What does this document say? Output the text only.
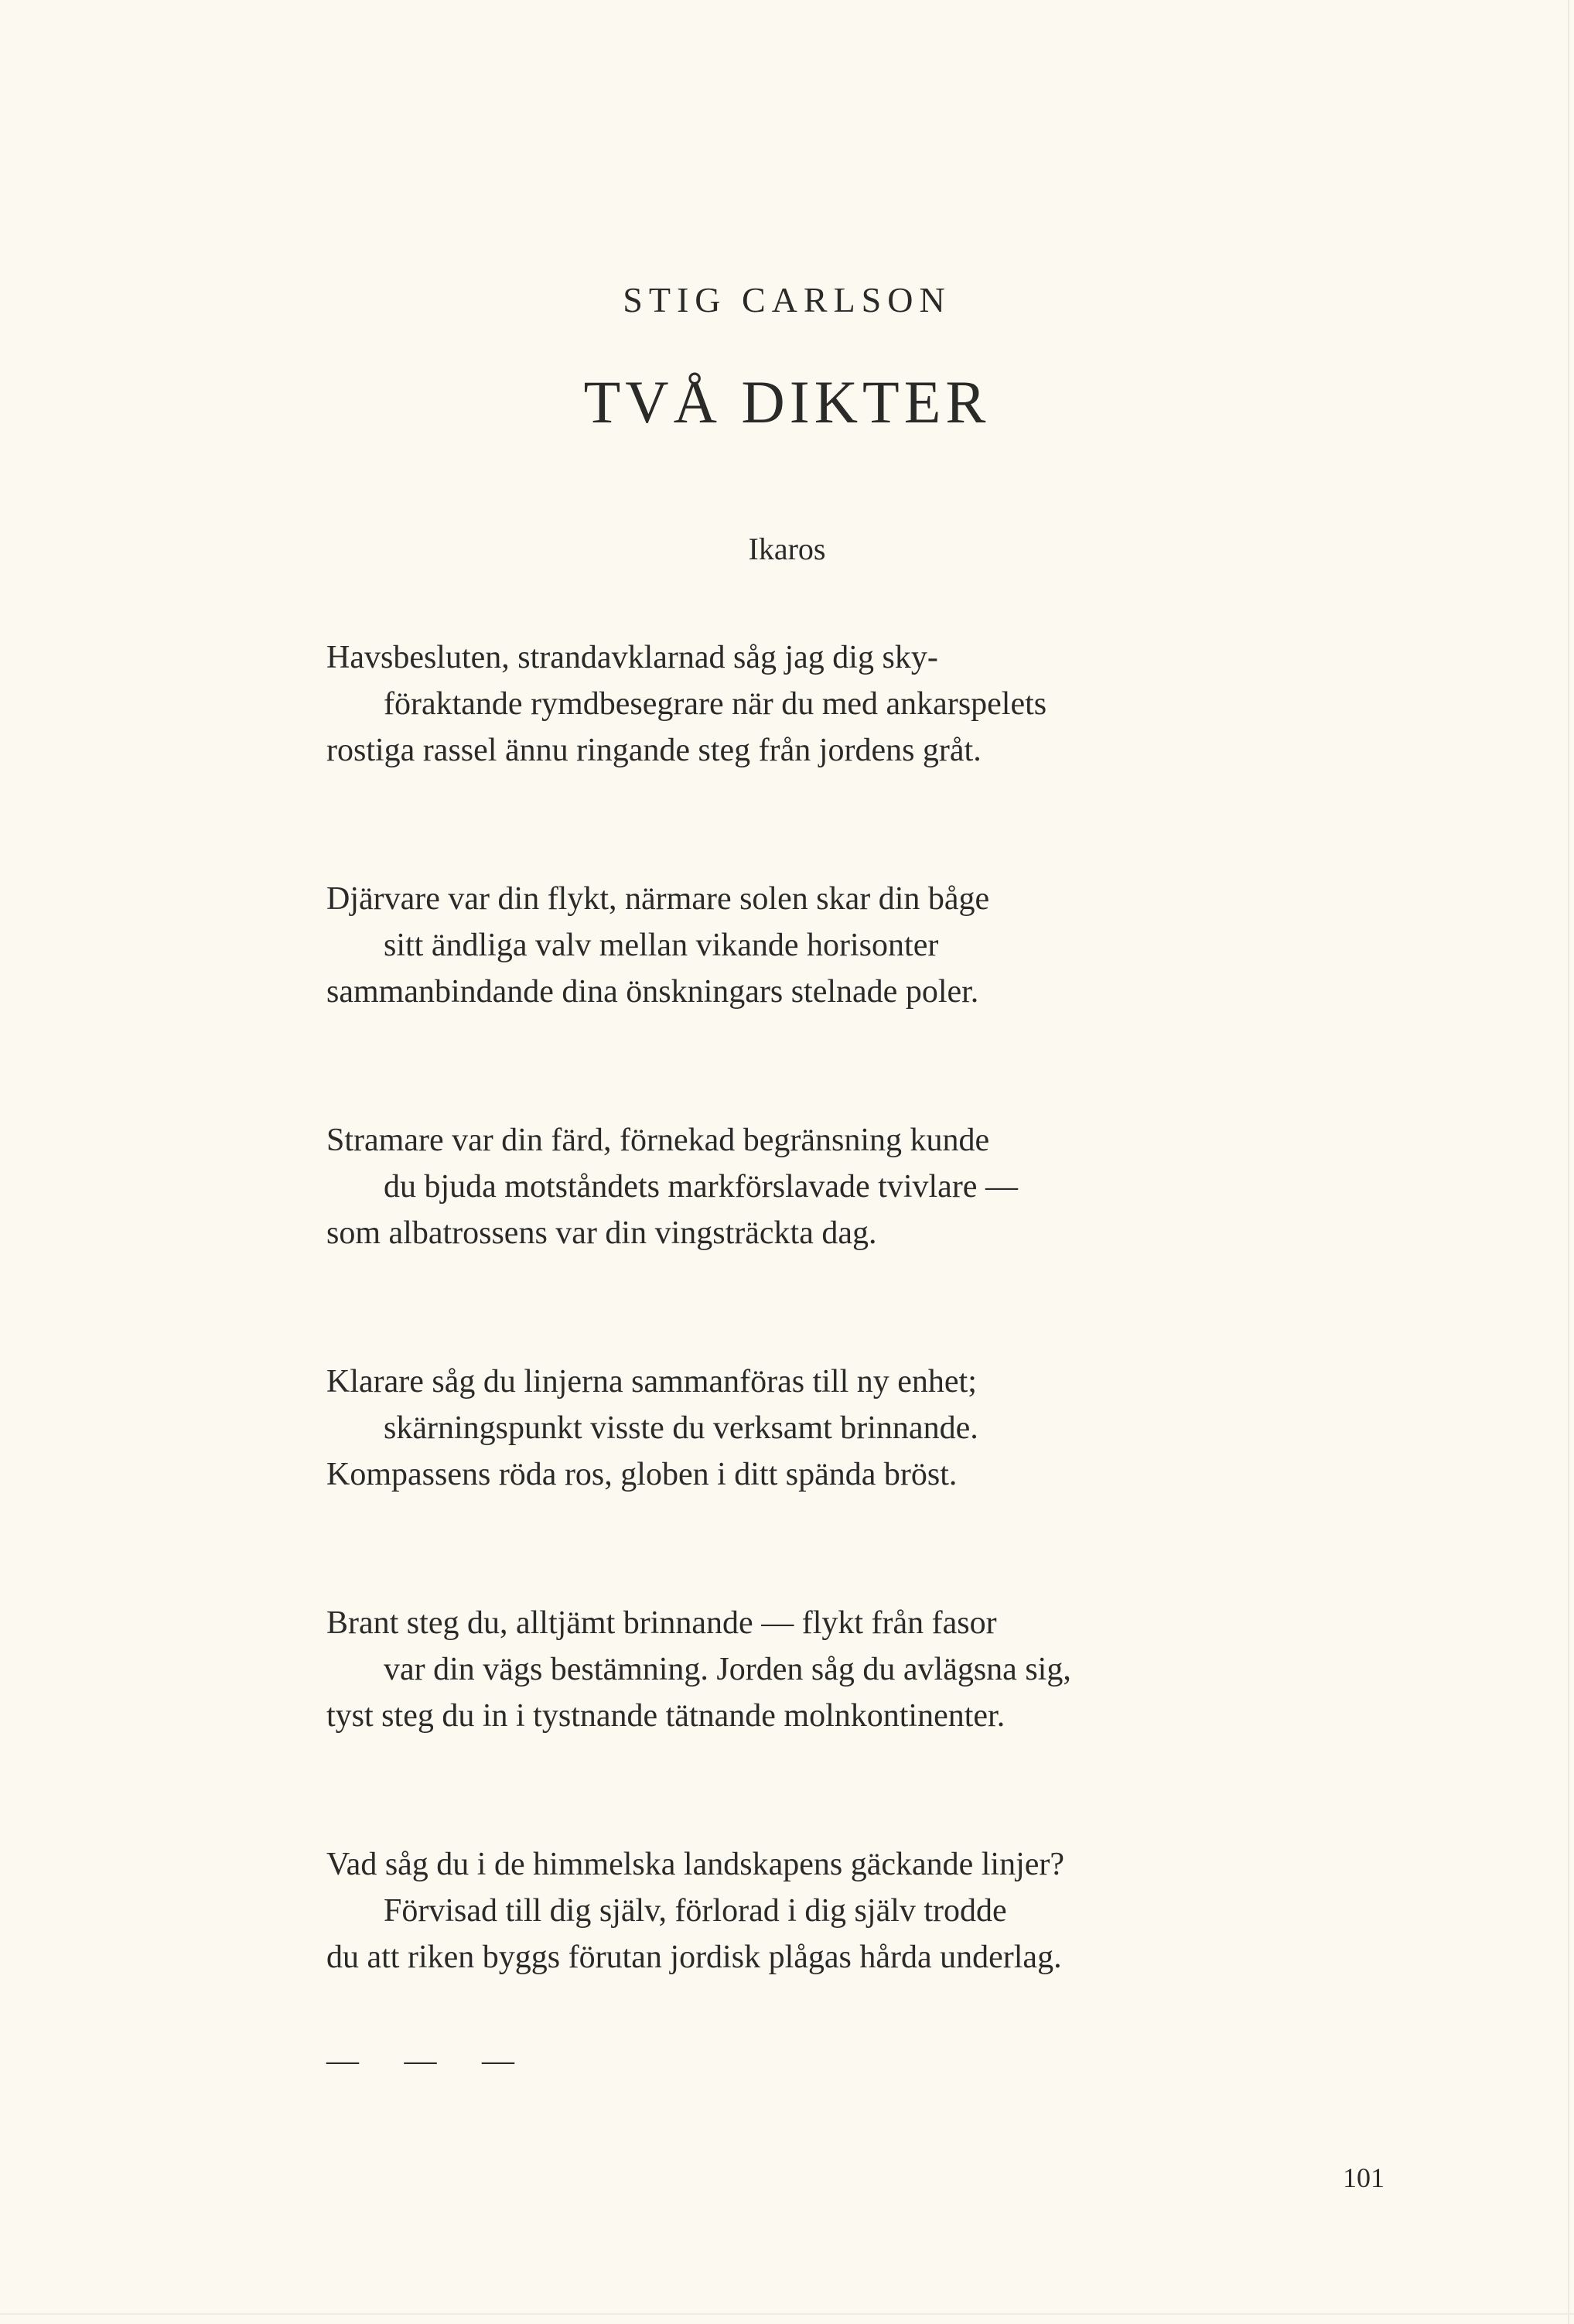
STIG CARLSON
TVÅ DIKTER
Ikaros

Havsbesluten, strandavklarnad såg jag dig sky-
föraktande rymdbesegrare när du med ankarspelets
rostiga rassel ännu ringande steg från jordens gråt.

Djärvare var din flykt, närmare solen skar din båge
sitt ändliga valv mellan vikande horisonter
sammanbindande dina önskningars stelnade poler.

Stramare var din färd, förnekad begränsning kunde
du bjuda motståndets markförslavade tvivlare —
som albatrossens var din vingsträckta dag.

Klarare såg du linjerna sammanföras till ny enhet;
skärningspunkt visste du verksamt brinnande.
Kompassens röda ros, globen i ditt spända bröst.

Brant steg du, alltjämt brinnande — flykt från fasor
var din vägs bestämning. Jorden såg du avlägsna sig,
tyst steg du in i tystnande tätnande molnkontinenter.

Vad såg du i de himmelska landskapens gäckande linjer?
Förvisad till dig själv, förlorad i dig själv trodde
du att riken byggs förutan jordisk plågas hårda underlag.

— — —

101
